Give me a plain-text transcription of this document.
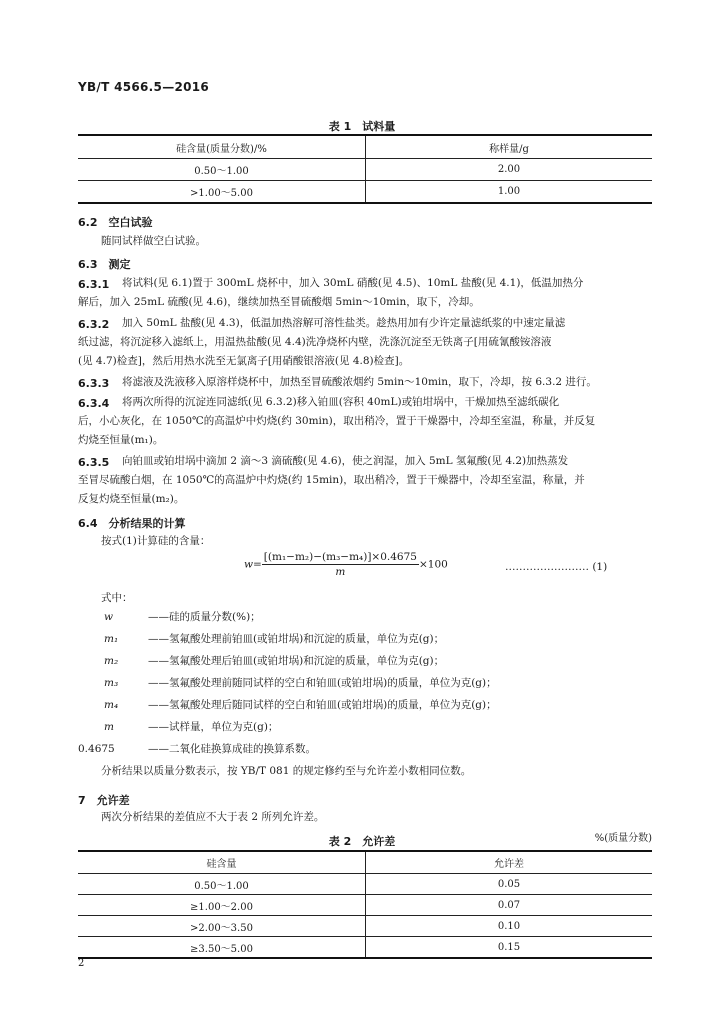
YB/T 4566.5—2016
表 1　试料量
硅含量(质量分数)/%	称样量/g
0.50～1.00	2.00
>1.00～5.00	1.00
6.2　空白试验
随同试样做空白试验。
6.3　测定
6.3.1 将试料(见 6.1)置于 300mL 烧杯中，加入 30mL 硝酸(见 4.5)、10mL 盐酸(见 4.1)，低温加热分
解后，加入 25mL 硫酸(见 4.6)，继续加热至冒硫酸烟 5min～10min，取下，冷却。
6.3.2 加入 50mL 盐酸(见 4.3)，低温加热溶解可溶性盐类。趁热用加有少许定量滤纸浆的中速定量滤
纸过滤，将沉淀移入滤纸上，用温热盐酸(见 4.4)洗净烧杯内壁，洗涤沉淀至无铁离子[用硫氰酸铵溶液
(见 4.7)检查]，然后用热水洗至无氯离子[用硝酸银溶液(见 4.8)检查]。
6.3.3 将滤液及洗液移入原溶样烧杯中，加热至冒硫酸浓烟约 5min～10min，取下，冷却，按 6.3.2 进行。
6.3.4 将两次所得的沉淀连同滤纸(见 6.3.2)移入铂皿(容积 40mL)或铂坩埚中，干燥加热至滤纸碳化
后，小心灰化，在 1050℃的高温炉中灼烧(约 30min)，取出稍冷，置于干燥器中，冷却至室温，称量，并反复
灼烧至恒量(m₁)。
6.3.5 向铂皿或铂坩埚中滴加 2 滴～3 滴硫酸(见 4.6)，使之润湿，加入 5mL 氢氟酸(见 4.2)加热蒸发
至冒尽硫酸白烟，在 1050℃的高温炉中灼烧(约 15min)，取出稍冷，置于干燥器中，冷却至室温，称量，并
反复灼烧至恒量(m₂)。
6.4　分析结果的计算
按式(1)计算硅的含量：
$w= \frac{\text{[(m₁−m₂)−(m₃−m₄)]×0.4675}}{m} \times 100$	…………………… (1)
式中：
w	——硅的质量分数(%)；
m₁	——氢氟酸处理前铂皿(或铂坩埚)和沉淀的质量，单位为克(g)；
m₂	——氢氟酸处理后铂皿(或铂坩埚)和沉淀的质量，单位为克(g)；
m₃	——氢氟酸处理前随同试样的空白和铂皿(或铂坩埚)的质量，单位为克(g)；
m₄	——氢氟酸处理后随同试样的空白和铂皿(或铂坩埚)的质量，单位为克(g)；
m	——试样量，单位为克(g)；
0.4675	——二氧化硅换算成硅的换算系数。
分析结果以质量分数表示，按 YB/T 081 的规定修约至与允许差小数相同位数。
7　允许差
两次分析结果的差值应不大于表 2 所列允许差。
表 2　允许差	%(质量分数)
硅含量	允许差
0.50～1.00	0.05
≥1.00～2.00	0.07
>2.00～3.50	0.10
≥3.50～5.00	0.15
2
